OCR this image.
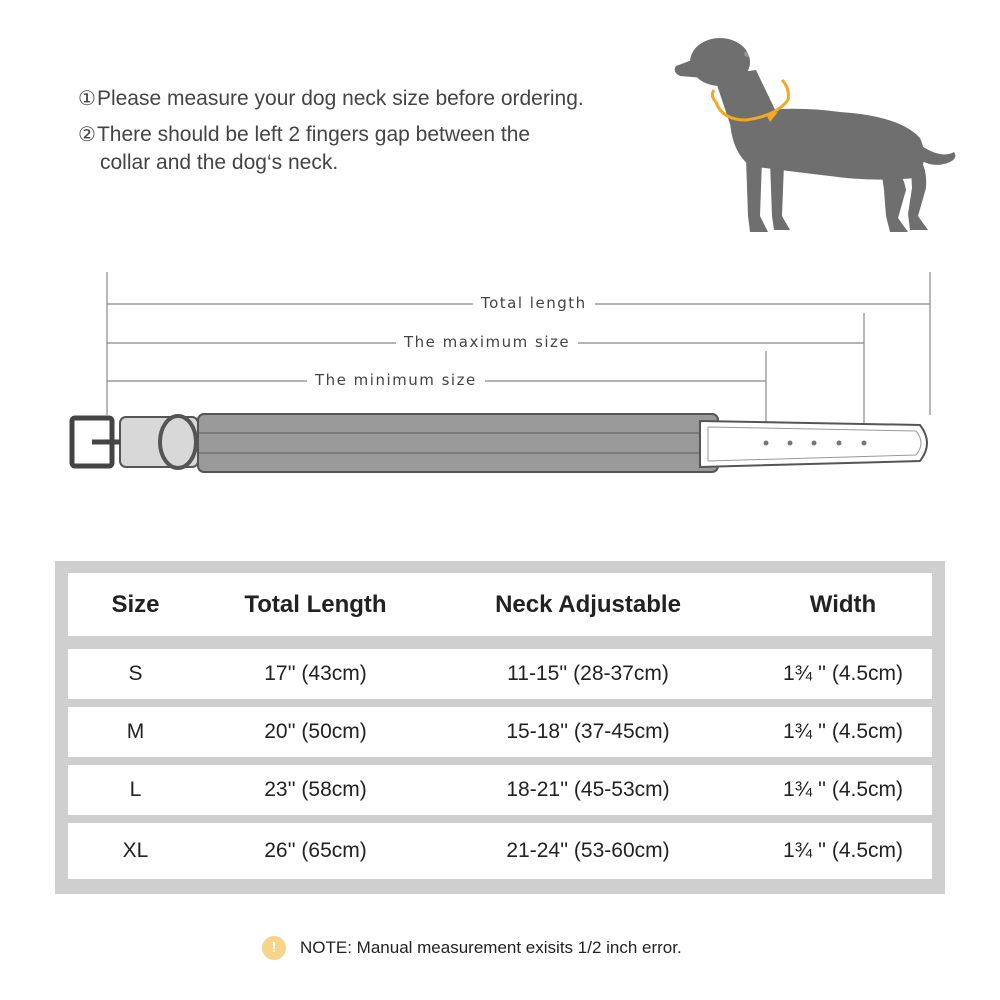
①Please measure your dog neck size before ordering.
②There should be left 2 fingers gap between the
collar and the dog‘s neck.
Total length
The maximum size
The minimum size
Size	Total Length	Neck Adjustable	Width
S	17'' (43cm)	11-15'' (28-37cm)	1¾ '' (4.5cm)
M	20'' (50cm)	15-18'' (37-45cm)	1¾ '' (4.5cm)
L	23'' (58cm)	18-21'' (45-53cm)	1¾ '' (4.5cm)
XL	26'' (65cm)	21-24'' (53-60cm)	1¾ '' (4.5cm)
!	NOTE: Manual measurement exisits 1/2 inch error.
